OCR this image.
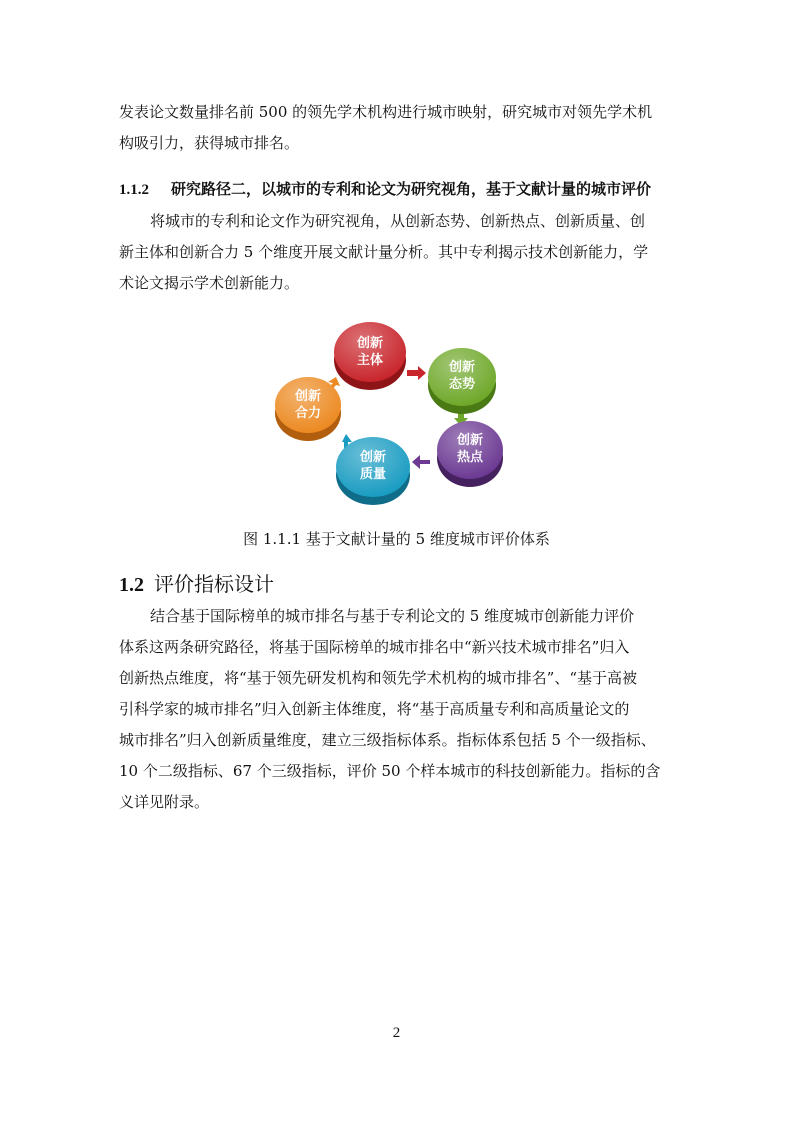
发表论文数量排名前 500 的领先学术机构进行城市映射，研究城市对领先学术机
构吸引力，获得城市排名。

1.1.2 研究路径二，以城市的专利和论文为研究视角，基于文献计量的城市评价

将城市的专利和论文作为研究视角，从创新态势、创新热点、创新质量、创
新主体和创新合力 5 个维度开展文献计量分析。其中专利揭示技术创新能力，学
术论文揭示学术创新能力。

创新
主体	创新
态势
创新
热点
创新
质量
创新
合力
图 1.1.1 基于文献计量的 5 维度城市评价体系
1.2 评价指标设计

结合基于国际榜单的城市排名与基于专利论文的 5 维度城市创新能力评价
体系这两条研究路径，将基于国际榜单的城市排名中“新兴技术城市排名”归入
创新热点维度，将“基于领先研发机构和领先学术机构的城市排名”、“基于高被
引科学家的城市排名”归入创新主体维度，将“基于高质量专利和高质量论文的
城市排名”归入创新质量维度，建立三级指标体系。指标体系包括 5 个一级指标、
10 个二级指标、67 个三级指标，评价 50 个样本城市的科技创新能力。指标的含
义详见附录。

2
